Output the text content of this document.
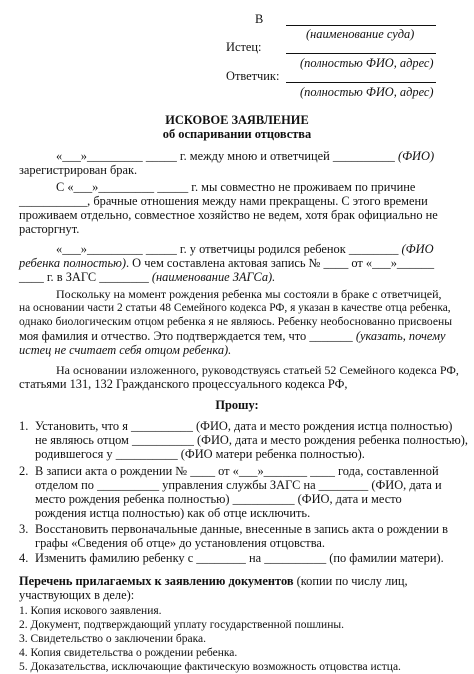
В
(наименование суда)
Истец:
(полностью ФИО, адрес)
Ответчик:
(полностью ФИО, адрес)
ИСКОВОЕ ЗАЯВЛЕНИЕ
об оспаривании отцовства
«___»_________ _____ г. между мною и ответчицей __________ (ФИО)
зарегистрирован брак.
С «___»_________ _____ г. мы совместно не проживаем по причине
___________, брачные отношения между нами прекращены. С этого времени
проживаем отдельно, совместное хозяйство не ведем, хотя брак официально не
расторгнут.
«___»_________ _____ г. у ответчицы родился ребенок ________ (ФИО
ребенка полностью). О чем составлена актовая запись № ____ от «___»______
____ г. в ЗАГС ________ (наименование ЗАГСа).
Поскольку на момент рождения ребенка мы состояли в браке с ответчицей,
на основании части 2 статьи 48 Семейного кодекса РФ, я указан в качестве отца ребенка,
однако биологическим отцом ребенка я не являюсь. Ребенку необоснованно присвоены
моя фамилия и отчество. Это подтверждается тем, что _______ (указать, почему
истец не считает себя отцом ребенка).
На основании изложенного, руководствуясь статьей 52 Семейного кодекса РФ,
статьями 131, 132 Гражданского процессуального кодекса РФ,
Прошу:
1. Установить, что я __________ (ФИО, дата и место рождения истца полностью)
не являюсь отцом __________ (ФИО, дата и место рождения ребенка полностью),
родившегося у __________ (ФИО матери ребенка полностью).
2. В записи акта о рождении № ____ от «___»_______ ____ года, составленной
отделом по __________ управления службы ЗАГС на ________ (ФИО, дата и
место рождения ребенка полностью) __________ (ФИО, дата и место
рождения истца полностью) как об отце исключить.
3. Восстановить первоначальные данные, внесенные в запись акта о рождении в
графы «Сведения об отце» до установления отцовства.
4. Изменить фамилию ребенку с ________ на __________ (по фамилии матери).
Перечень прилагаемых к заявлению документов (копии по числу лиц,
участвующих в деле):
1. Копия искового заявления.
2. Документ, подтверждающий уплату государственной пошлины.
3. Свидетельство о заключении брака.
4. Копия свидетельства о рождении ребенка.
5. Доказательства, исключающие фактическую возможность отцовства истца.
